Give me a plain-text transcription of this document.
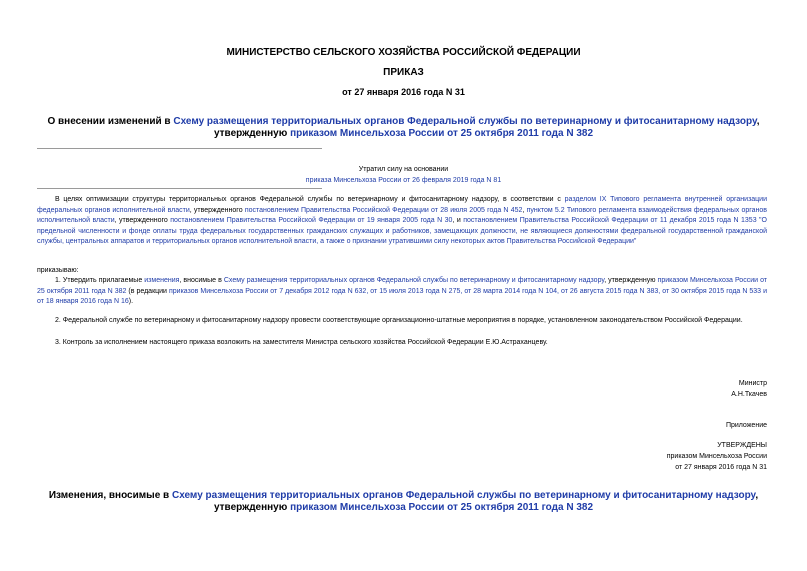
МИНИСТЕРСТВО СЕЛЬСКОГО ХОЗЯЙСТВА РОССИЙСКОЙ ФЕДЕРАЦИИ
ПРИКАЗ
от 27 января 2016 года N 31
О внесении изменений в Схему размещения территориальных органов Федеральной службы по ветеринарному и фитосанитарному надзору, утвержденную приказом Минсельхоза России от 25 октября 2011 года N 382
Утратил силу на основании
приказа Минсельхоза России от 26 февраля 2019 года N 81
В целях оптимизации структуры территориальных органов Федеральной службы по ветеринарному и фитосанитарному надзору, в соответствии с разделом IX Типового регламента внутренней организации федеральных органов исполнительной власти, утвержденного постановлением Правительства Российской Федерации от 28 июля 2005 года N 452, пунктом 5.2 Типового регламента взаимодействия федеральных органов исполнительной власти, утвержденного постановлением Правительства Российской Федерации от 19 января 2005 года N 30, и постановлением Правительства Российской Федерации от 11 декабря 2015 года N 1353 "О предельной численности и фонде оплаты труда федеральных государственных гражданских служащих и работников, замещающих должности, не являющиеся должностями федеральной государственной гражданской службы, центральных аппаратов и территориальных органов исполнительной власти, а также о признании утратившими силу некоторых актов Правительства Российской Федерации"
приказываю:
1. Утвердить прилагаемые изменения, вносимые в Схему размещения территориальных органов Федеральной службы по ветеринарному и фитосанитарному надзору, утвержденную приказом Минсельхоза России от 25 октября 2011 года N 382 (в редакции приказов Минсельхоза России от 7 декабря 2012 года N 632, от 15 июля 2013 года N 275, от 28 марта 2014 года N 104, от 26 августа 2015 года N 383, от 30 октября 2015 года N 533 и от 18 января 2016 года N 16).
2. Федеральной службе по ветеринарному и фитосанитарному надзору провести соответствующие организационно-штатные мероприятия в порядке, установленном законодательством Российской Федерации.
3. Контроль за исполнением настоящего приказа возложить на заместителя Министра сельского хозяйства Российской Федерации Е.Ю.Астраханцеву.
Министр
А.Н.Ткачев
Приложение
УТВЕРЖДЕНЫ
приказом Минсельхоза России
от 27 января 2016 года N 31
Изменения, вносимые в Схему размещения территориальных органов Федеральной службы по ветеринарному и фитосанитарному надзору, утвержденную приказом Минсельхоза России от 25 октября 2011 года N 382
